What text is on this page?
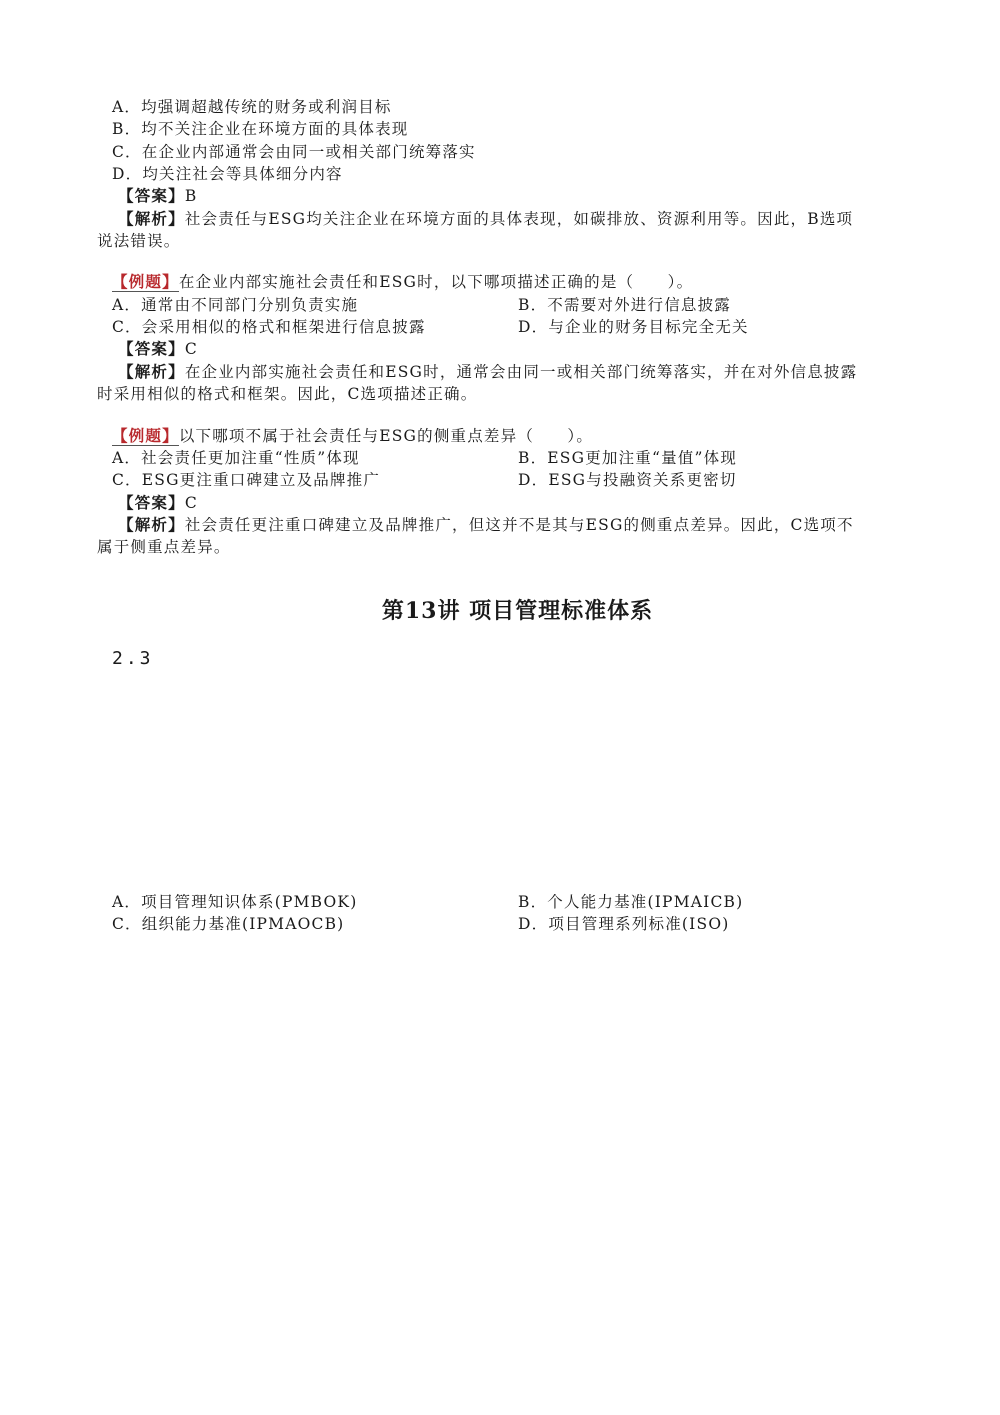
A．均强调超越传统的财务或利润目标
B．均不关注企业在环境方面的具体表现
C．在企业内部通常会由同一或相关部门统筹落实
D．均关注社会等具体细分内容
【答案】B
【解析】社会责任与ESG均关注企业在环境方面的具体表现，如碳排放、资源利用等。因此，B选项
说法错误。
【例题】在企业内部实施社会责任和ESG时，以下哪项描述正确的是（　　）。
A．通常由不同部门分别负责实施	B．不需要对外进行信息披露
C．会采用相似的格式和框架进行信息披露	D．与企业的财务目标完全无关
【答案】C
【解析】在企业内部实施社会责任和ESG时，通常会由同一或相关部门统筹落实，并在对外信息披露
时采用相似的格式和框架。因此，C选项描述正确。
【例题】以下哪项不属于社会责任与ESG的侧重点差异（　　）。
A．社会责任更加注重“性质”体现	B．ESG更加注重“量值”体现
C．ESG更注重口碑建立及品牌推广	D．ESG与投融资关系更密切
【答案】C
【解析】社会责任更注重口碑建立及品牌推广，但这并不是其与ESG的侧重点差异。因此，C选项不
属于侧重点差异。
第13讲 项目管理标准体系
2.3
A．项目管理知识体系(PMBOK)	B．个人能力基准(IPMAICB)
C．组织能力基准(IPMAOCB)	D．项目管理系列标准(ISO)
